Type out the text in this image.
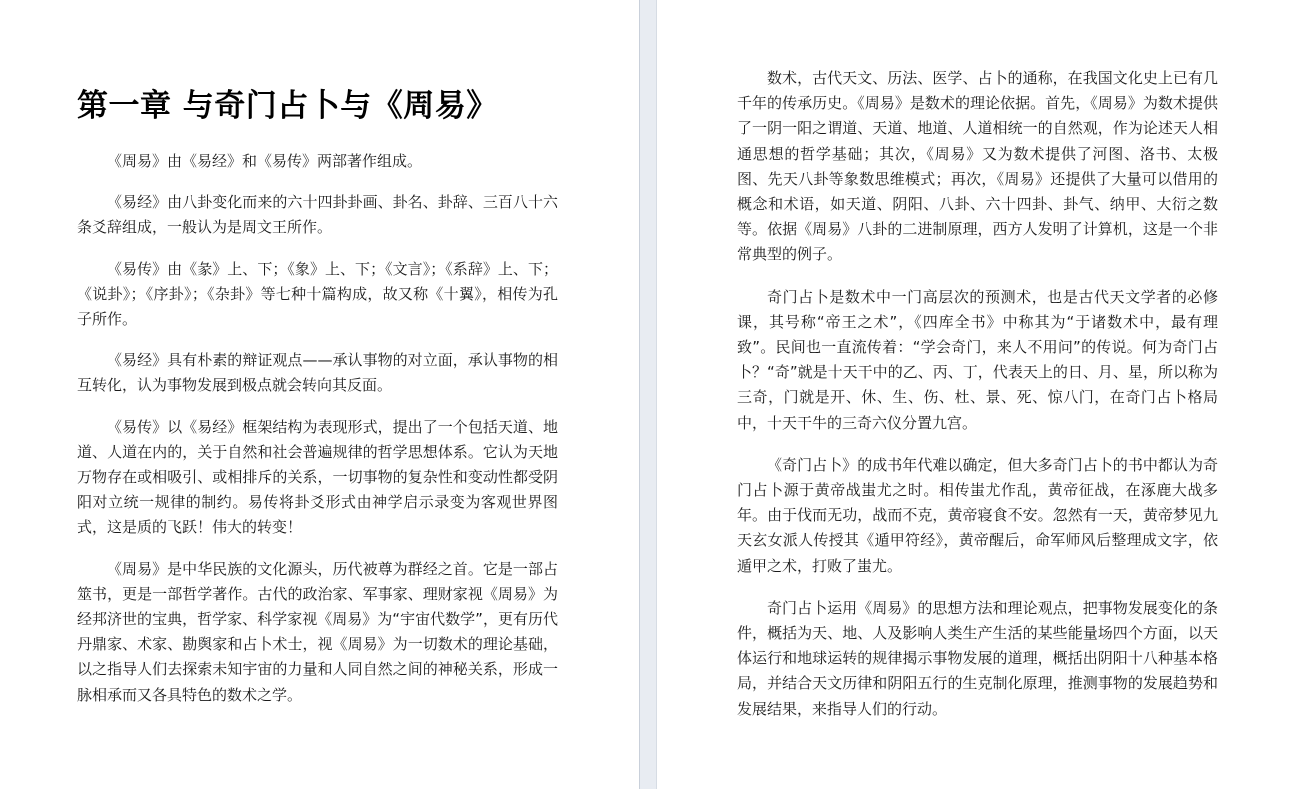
第一章 与奇门占卜与《周易》

《周易》由《易经》和《易传》两部著作组成。

《易经》由八卦变化而来的六十四卦卦画、卦名、卦辞、三百八十六条爻辞组成，一般认为是周文王所作。

《易传》由《彖》上、下；《象》上、下；《文言》；《系辞》上、下；《说卦》；《序卦》；《杂卦》等七种十篇构成，故又称《十翼》，相传为孔子所作。

《易经》具有朴素的辩证观点——承认事物的对立面，承认事物的相互转化，认为事物发展到极点就会转向其反面。

《易传》以《易经》框架结构为表现形式，提出了一个包括天道、地道、人道在内的，关于自然和社会普遍规律的哲学思想体系。它认为天地万物存在或相吸引、或相排斥的关系，一切事物的复杂性和变动性都受阴阳对立统一规律的制约。易传将卦爻形式由神学启示录变为客观世界图式，这是质的飞跃！伟大的转变！

《周易》是中华民族的文化源头，历代被尊为群经之首。它是一部占筮书，更是一部哲学著作。古代的政治家、军事家、理财家视《周易》为经邦济世的宝典，哲学家、科学家视《周易》为“宇宙代数学”，更有历代丹鼎家、术家、勘舆家和占卜术士，视《周易》为一切数术的理论基础，以之指导人们去探索未知宇宙的力量和人同自然之间的神秘关系，形成一脉相承而又各具特色的数术之学。

数术，古代天文、历法、医学、占卜的通称，在我国文化史上已有几千年的传承历史。《周易》是数术的理论依据。首先，《周易》为数术提供了一阴一阳之谓道、天道、地道、人道相统一的自然观，作为论述天人相通思想的哲学基础；其次，《周易》又为数术提供了河图、洛书、太极图、先天八卦等象数思维模式；再次，《周易》还提供了大量可以借用的概念和术语，如天道、阴阳、八卦、六十四卦、卦气、纳甲、大衍之数等。依据《周易》八卦的二进制原理，西方人发明了计算机，这是一个非常典型的例子。

奇门占卜是数术中一门高层次的预测术，也是古代天文学者的必修课，其号称“帝王之术”，《四库全书》中称其为“于诸数术中，最有理致”。民间也一直流传着：“学会奇门，来人不用问”的传说。何为奇门占卜？“奇”就是十天干中的乙、丙、丁，代表天上的日、月、星，所以称为三奇，门就是开、休、生、伤、杜、景、死、惊八门，在奇门占卜格局中，十天干牛的三奇六仪分置九宫。

《奇门占卜》的成书年代难以确定，但大多奇门占卜的书中都认为奇门占卜源于黄帝战蚩尤之时。相传蚩尤作乱，黄帝征战，在涿鹿大战多年。由于伐而无功，战而不克，黄帝寝食不安。忽然有一天，黄帝梦见九天玄女派人传授其《遁甲符经》，黄帝醒后，命军师风后整理成文字，依遁甲之术，打败了蚩尤。

奇门占卜运用《周易》的思想方法和理论观点，把事物发展变化的条件，概括为天、地、人及影响人类生产生活的某些能量场四个方面，以天体运行和地球运转的规律揭示事物发展的道理，概括出阴阳十八种基本格局，并结合天文历律和阴阳五行的生克制化原理，推测事物的发展趋势和发展结果，来指导人们的行动。
